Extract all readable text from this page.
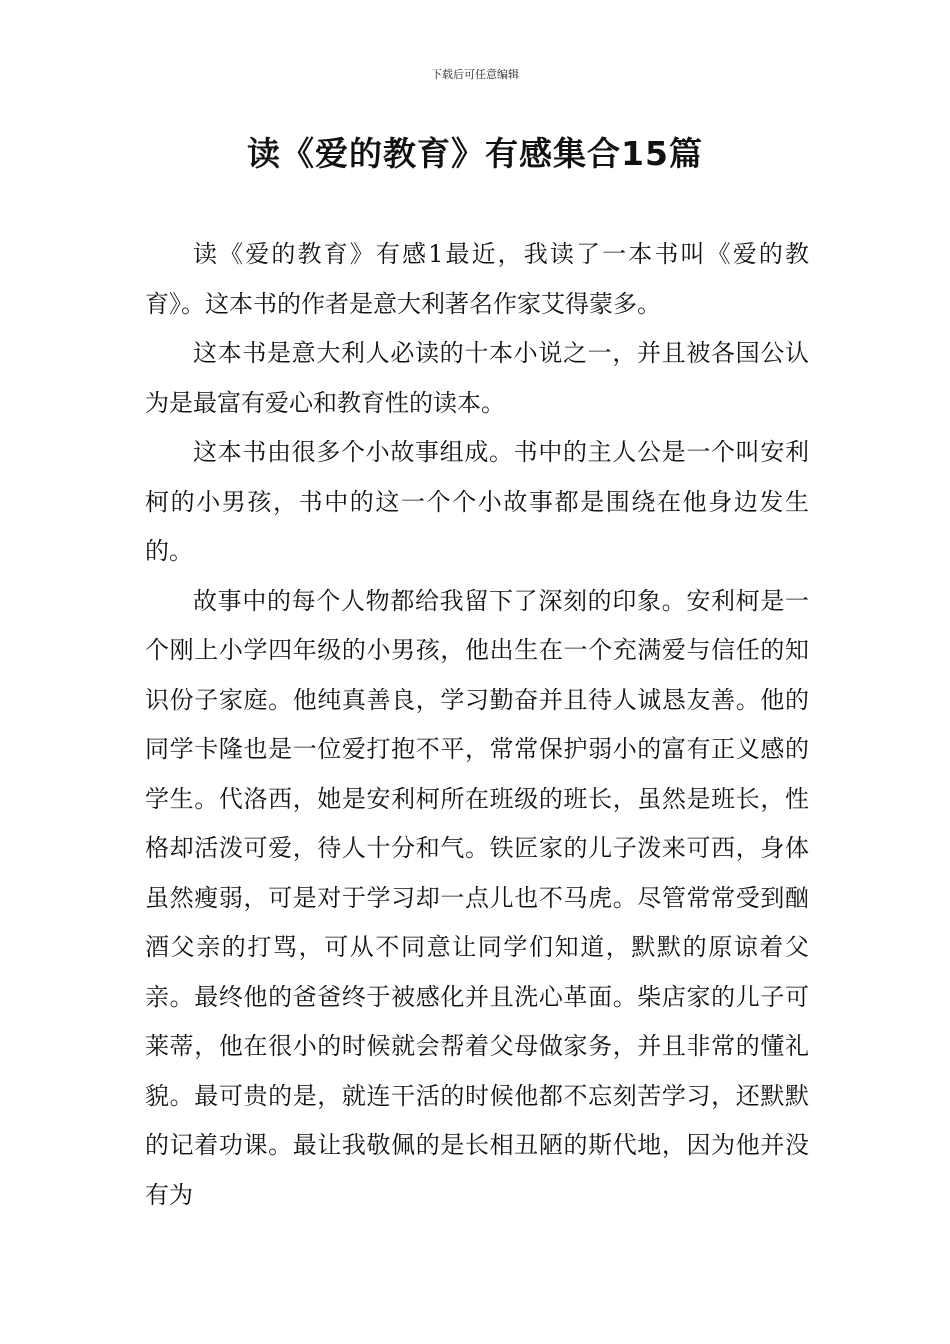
下载后可任意编辑
读《爱的教育》有感集合15篇

读《爱的教育》有感1最近，我读了一本书叫《爱的教育》。这本书的作者是意大利著名作家艾得蒙多。

这本书是意大利人必读的十本小说之一，并且被各国公认为是最富有爱心和教育性的读本。

这本书由很多个小故事组成。书中的主人公是一个叫安利柯的小男孩，书中的这一个个小故事都是围绕在他身边发生的。

故事中的每个人物都给我留下了深刻的印象。安利柯是一个刚上小学四年级的小男孩，他出生在一个充满爱与信任的知识份子家庭。他纯真善良，学习勤奋并且待人诚恳友善。他的同学卡隆也是一位爱打抱不平，常常保护弱小的富有正义感的学生。代洛西，她是安利柯所在班级的班长，虽然是班长，性格却活泼可爱，待人十分和气。铁匠家的儿子泼来可西，身体虽然瘦弱，可是对于学习却一点儿也不马虎。尽管常常受到酗酒父亲的打骂，可从不同意让同学们知道，默默的原谅着父亲。最终他的爸爸终于被感化并且洗心革面。柴店家的儿子可莱蒂，他在很小的时候就会帮着父母做家务，并且非常的懂礼貌。最可贵的是，就连干活的时候他都不忘刻苦学习，还默默的记着功课。最让我敬佩的是长相丑陋的斯代地，因为他并没有为
